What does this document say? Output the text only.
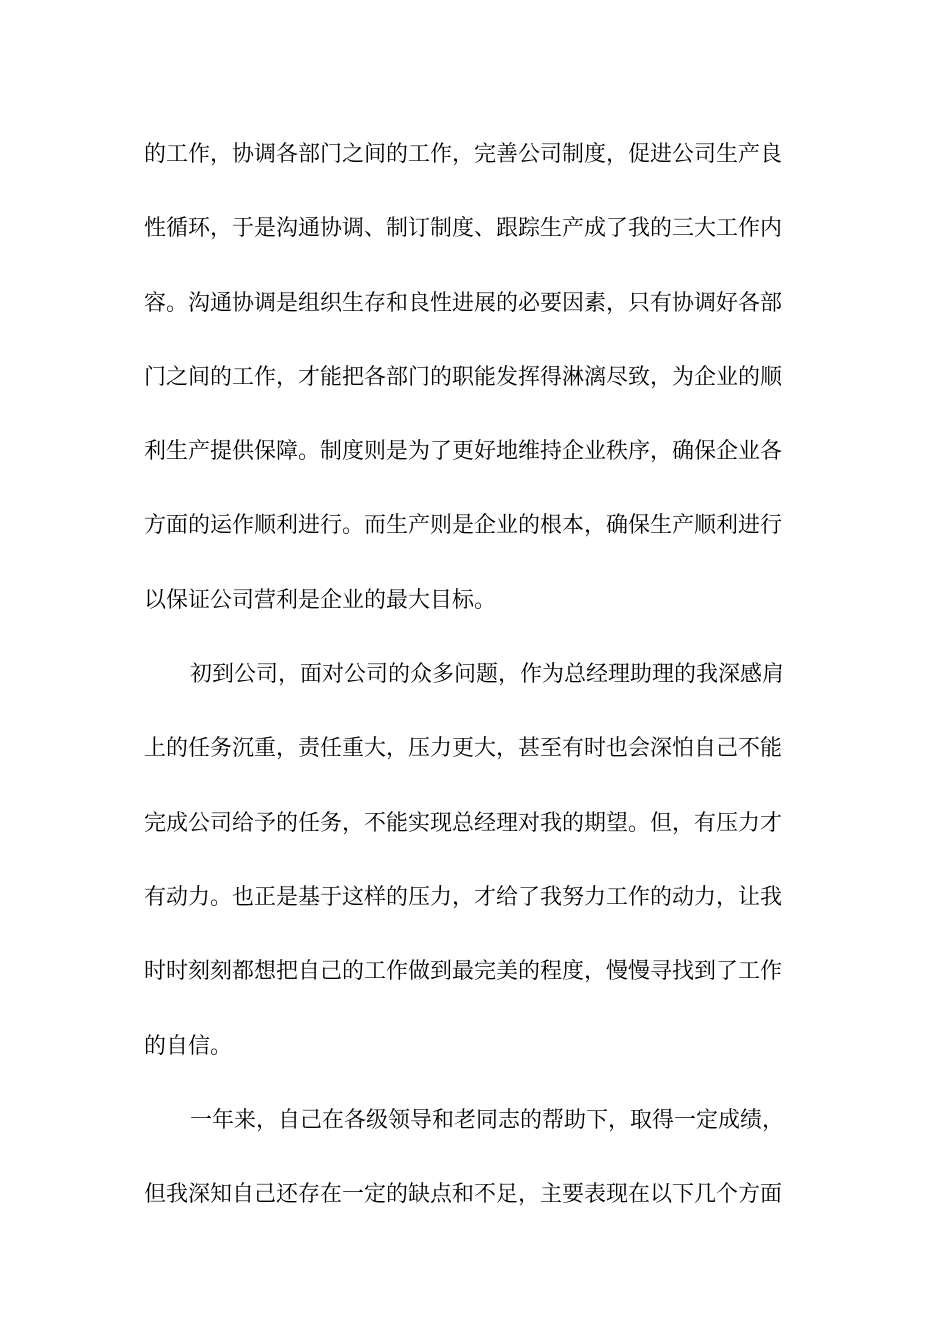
的工作，协调各部门之间的工作，完善公司制度，促进公司生产良
性循环，于是沟通协调、制订制度、跟踪生产成了我的三大工作内
容。沟通协调是组织生存和良性进展的必要因素，只有协调好各部
门之间的工作，才能把各部门的职能发挥得淋漓尽致，为企业的顺
利生产提供保障。制度则是为了更好地维持企业秩序，确保企业各
方面的运作顺利进行。而生产则是企业的根本，确保生产顺利进行
以保证公司营利是企业的最大目标。
初到公司，面对公司的众多问题，作为总经理助理的我深感肩
上的任务沉重，责任重大，压力更大，甚至有时也会深怕自己不能
完成公司给予的任务，不能实现总经理对我的期望。但，有压力才
有动力。也正是基于这样的压力，才给了我努力工作的动力，让我
时时刻刻都想把自己的工作做到最完美的程度，慢慢寻找到了工作
的自信。
一年来，自己在各级领导和老同志的帮助下，取得一定成绩，
但我深知自己还存在一定的缺点和不足，主要表现在以下几个方面
